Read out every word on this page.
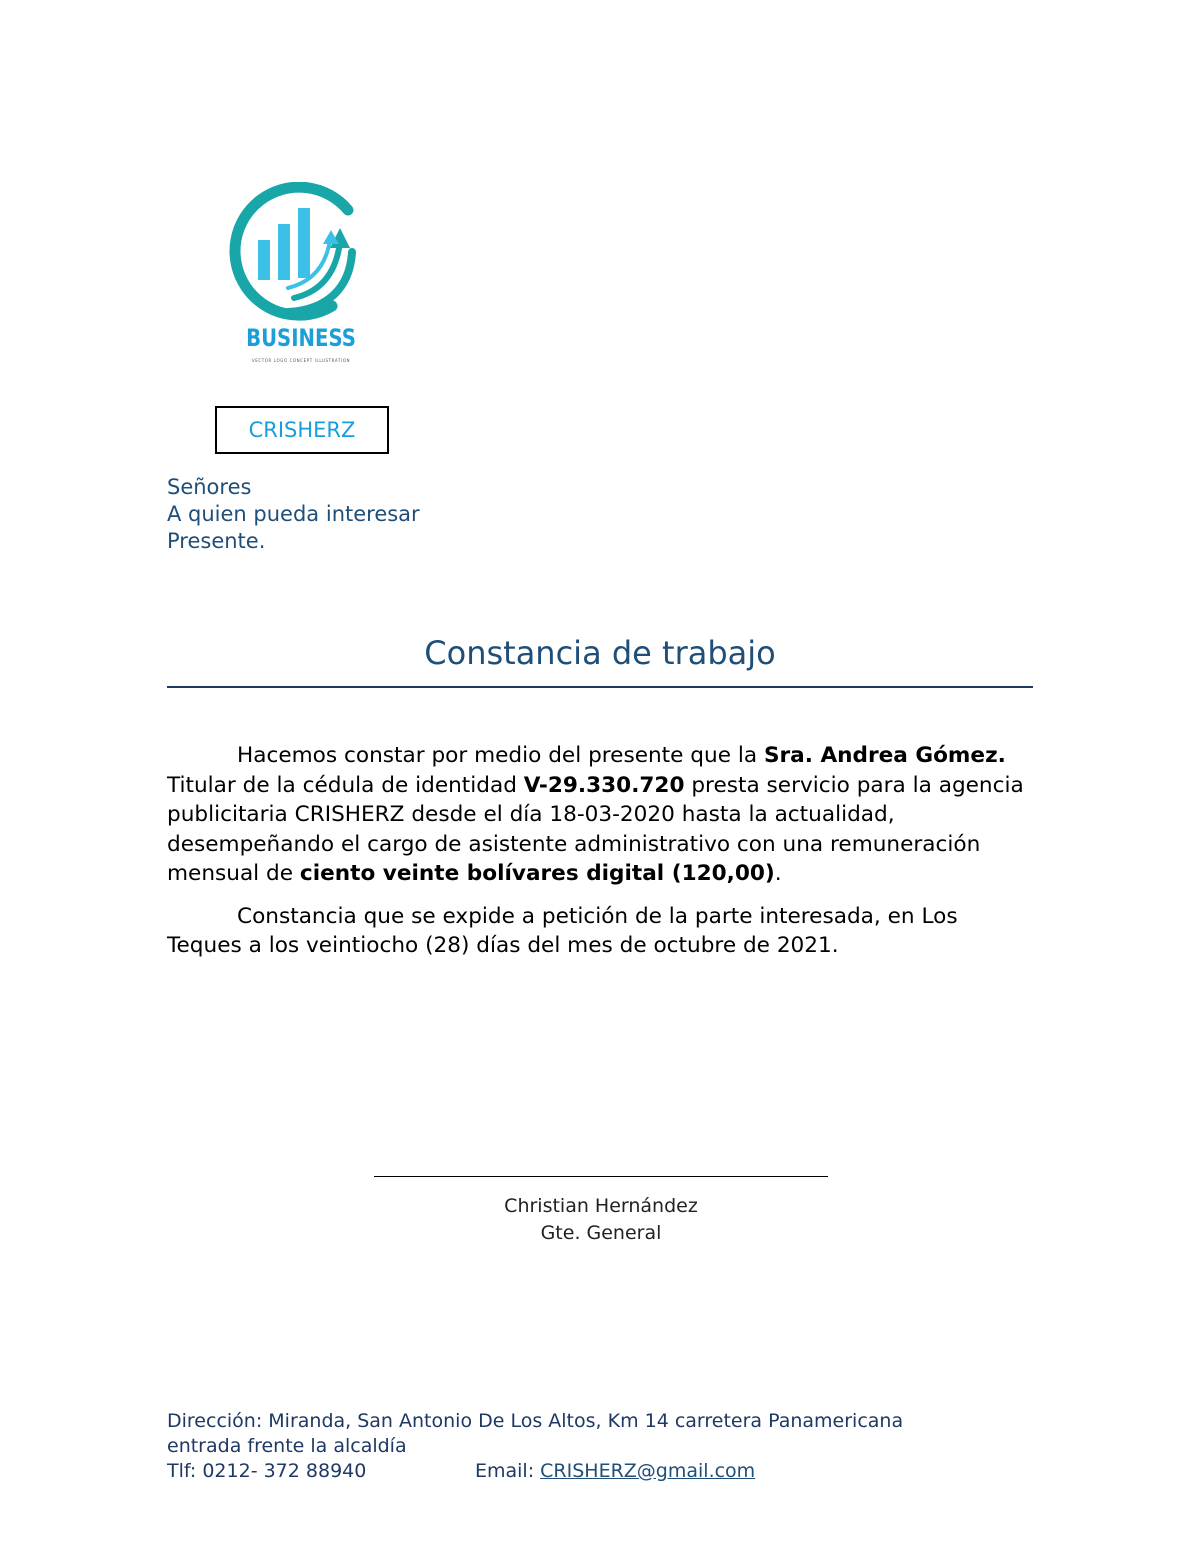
BUSINESS
VECTOR LOGO CONCEPT ILLUSTRATION
CRISHERZ
Señores
A quien pueda interesar
Presente.
Constancia de trabajo

Hacemos constar por medio del presente que la Sra. Andrea Gómez. Titular de la cédula de identidad V-29.330.720 presta servicio para la agencia publicitaria CRISHERZ desde el día 18-03-2020 hasta la actualidad, desempeñando el cargo de asistente administrativo con una remuneración mensual de ciento veinte bolívares digital (120,00).

Constancia que se expide a petición de la parte interesada, en Los Teques a los veintiocho (28) días del mes de octubre de 2021.

Christian Hernández
Gte. General
Dirección: Miranda, San Antonio De Los Altos, Km 14 carretera Panamericana
entrada frente la alcaldía
Tlf: 0212- 372 88940	Email: CRISHERZ@gmail.com
